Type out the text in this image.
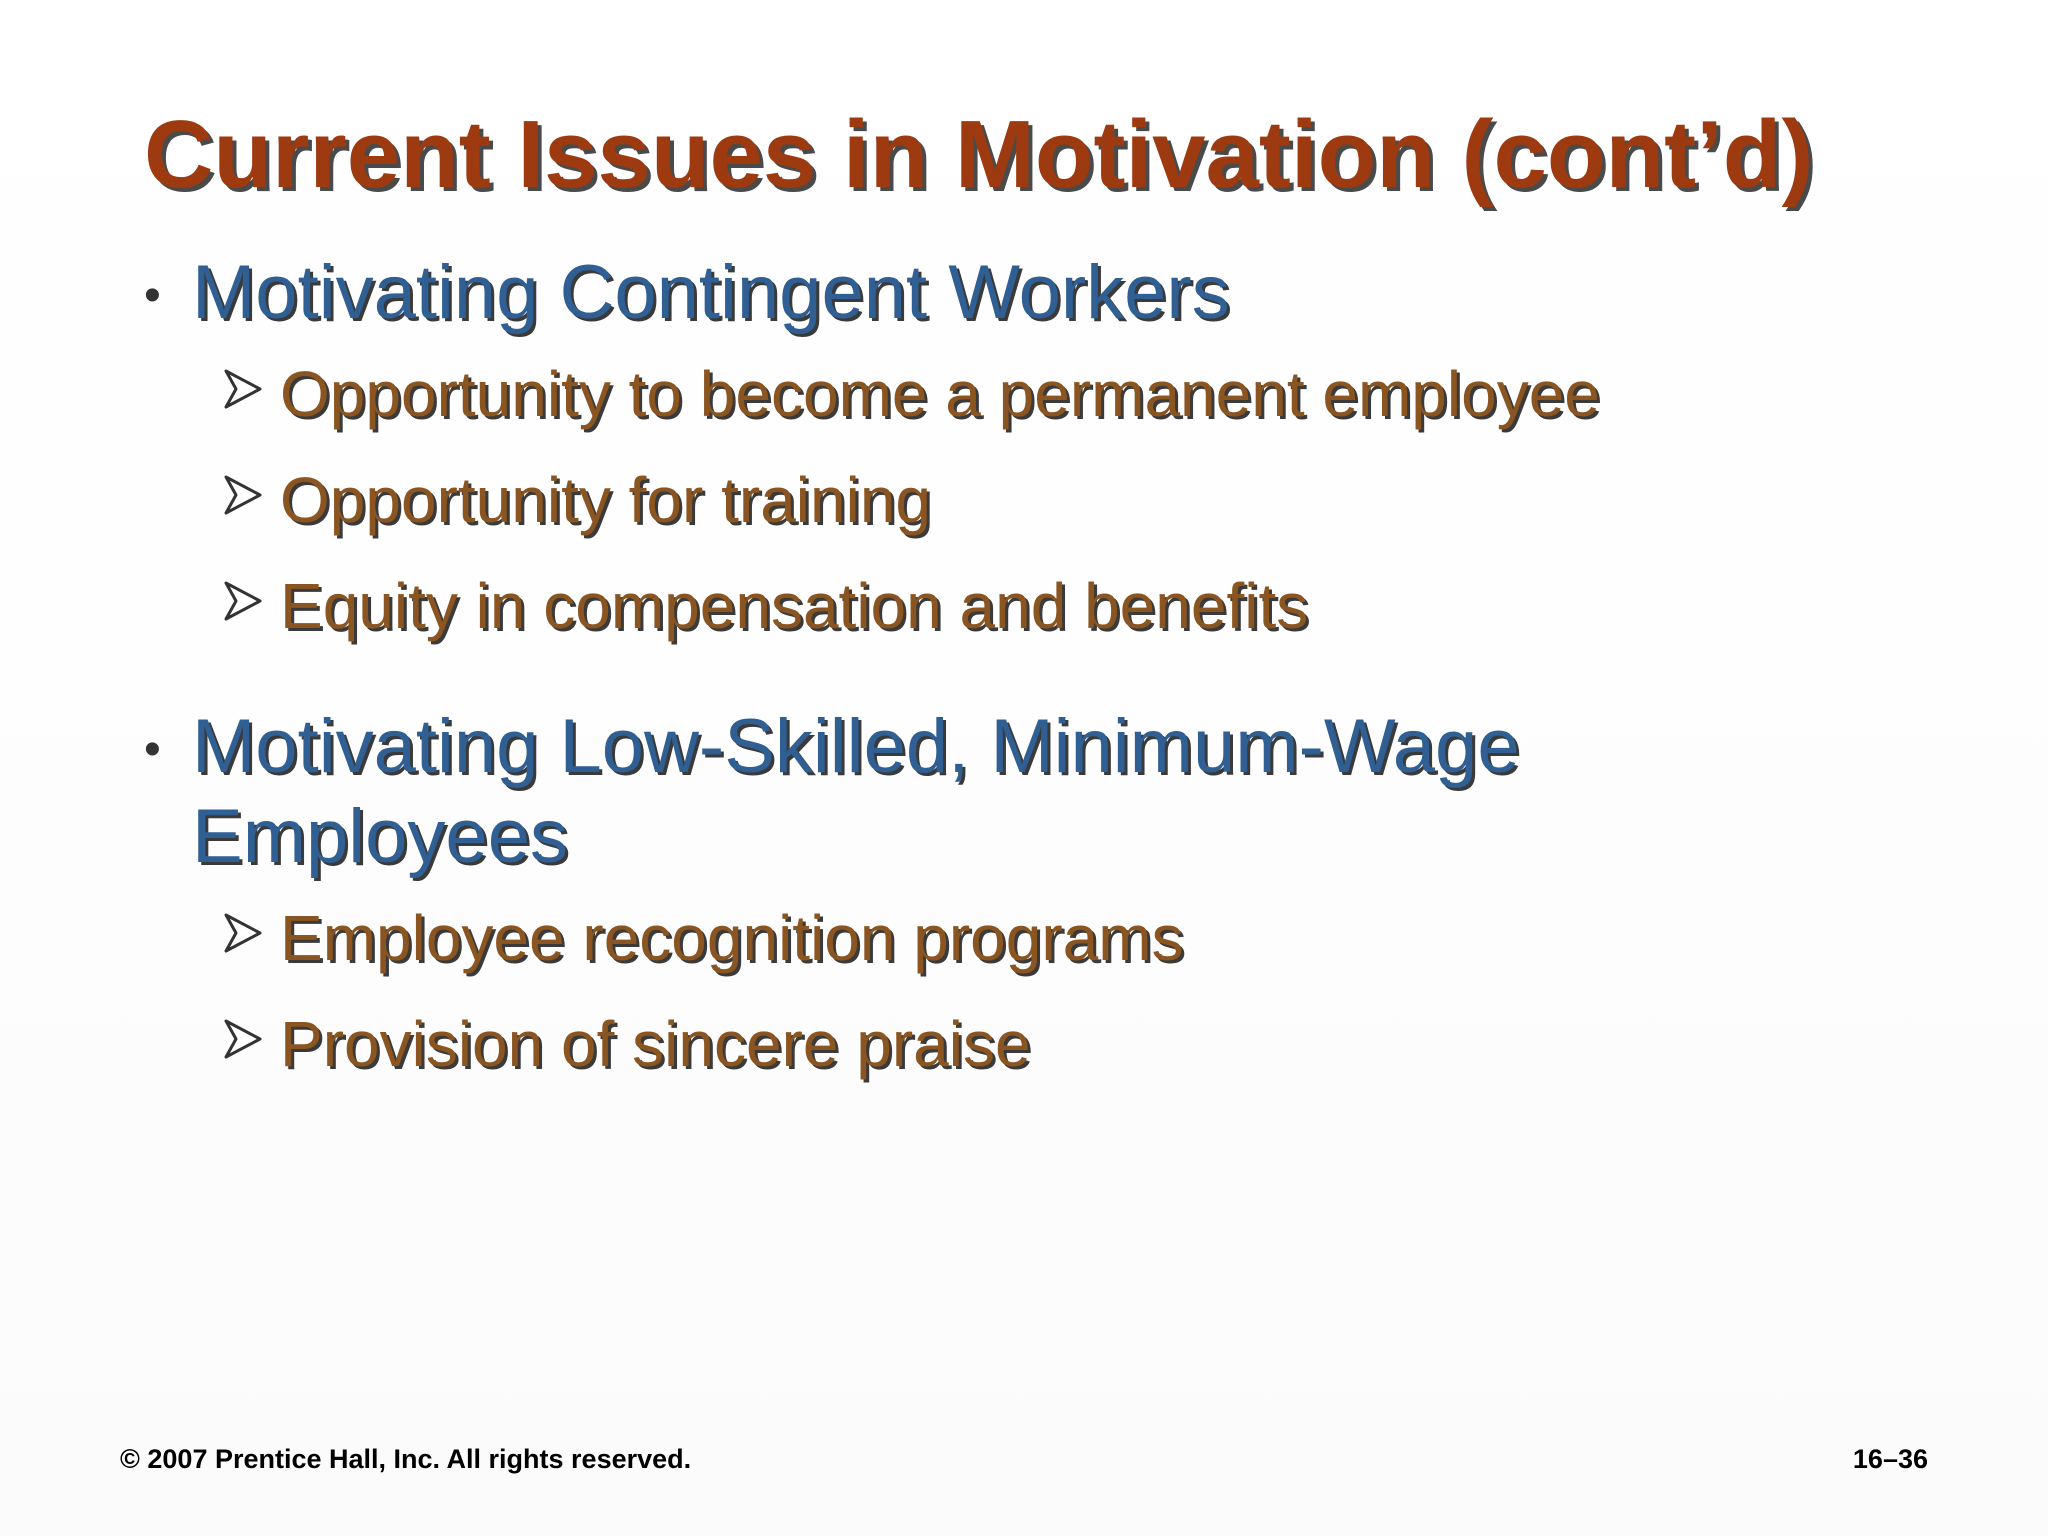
Current Issues in Motivation (cont’d)
• Motivating Contingent Workers
Opportunity to become a permanent employee
Opportunity for training
Equity in compensation and benefits
• Motivating Low-Skilled, Minimum-Wage Employees
Employee recognition programs
Provision of sincere praise
© 2007 Prentice Hall, Inc. All rights reserved.	16–36
